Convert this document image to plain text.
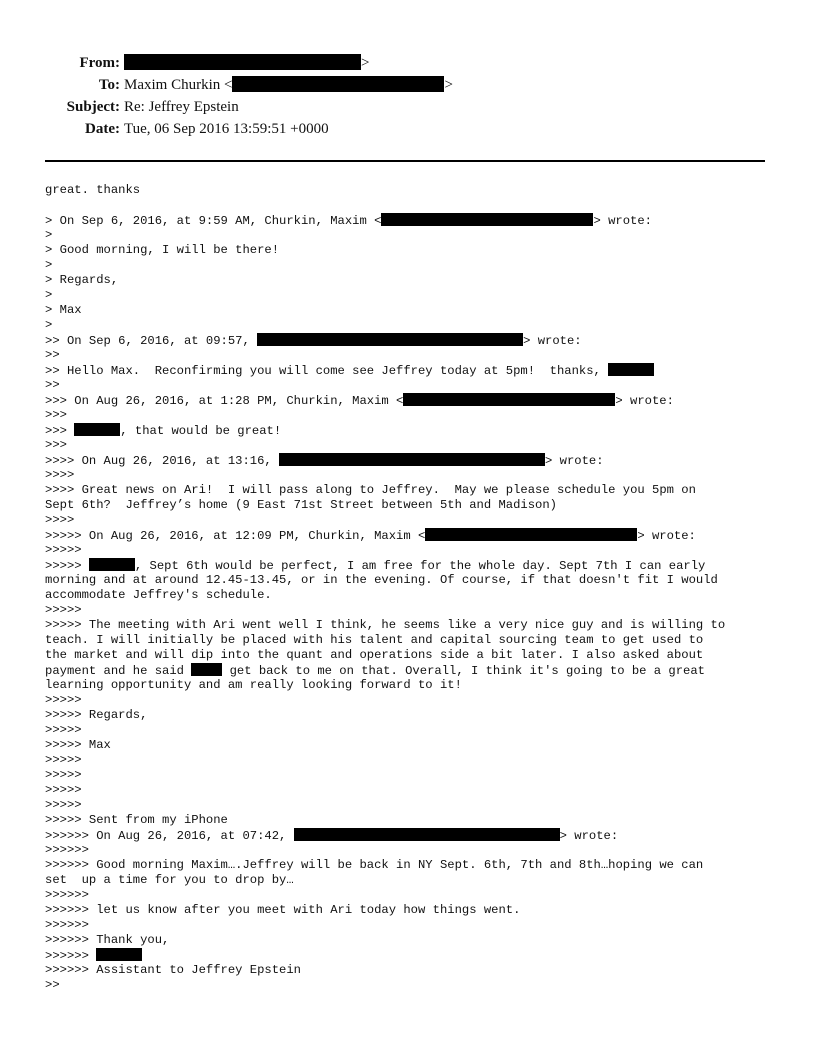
From:	>
To: Maxim Churkin <	>
Subject: Re: Jeffrey Epstein
Date: Tue, 06 Sep 2016 13:59:51 +0000
great. thanks
> On Sep 6, 2016, at 9:59 AM, Churkin, Maxim <	> wrote:
>
> Good morning, I will be there!
>
> Regards,
>
> Max
>
>> On Sep 6, 2016, at 09:57,	> wrote:
>>
>> Hello Max.  Reconfirming you will come see Jeffrey today at 5pm!  thanks,
>>
>>> On Aug 26, 2016, at 1:28 PM, Churkin, Maxim <	> wrote:
>>>
>>>	, that would be great!
>>>
>>>> On Aug 26, 2016, at 13:16,	> wrote:
>>>>
>>>> Great news on Ari!  I will pass along to Jeffrey.  May we please schedule you 5pm on
Sept 6th?  Jeffrey’s home (9 East 71st Street between 5th and Madison)
>>>>
>>>>> On Aug 26, 2016, at 12:09 PM, Churkin, Maxim <	> wrote:
>>>>>
>>>>>	, Sept 6th would be perfect, I am free for the whole day. Sept 7th I can early
morning and at around 12.45-13.45, or in the evening. Of course, if that doesn't fit I would
accommodate Jeffrey's schedule.
>>>>>
>>>>> The meeting with Ari went well I think, he seems like a very nice guy and is willing to
teach. I will initially be placed with his talent and capital sourcing team to get used to
the market and will dip into the quant and operations side a bit later. I also asked about
payment and he said	get back to me on that. Overall, I think it's going to be a great
learning opportunity and am really looking forward to it!
>>>>>
>>>>> Regards,
>>>>>
>>>>> Max
>>>>>
>>>>>
>>>>>
>>>>>
>>>>> Sent from my iPhone
>>>>>> On Aug 26, 2016, at 07:42,	> wrote:
>>>>>>
>>>>>> Good morning Maxim….Jeffrey will be back in NY Sept. 6th, 7th and 8th…hoping we can
set  up a time for you to drop by…
>>>>>>
>>>>>> let us know after you meet with Ari today how things went.
>>>>>>
>>>>>> Thank you,
>>>>>>
>>>>>> Assistant to Jeffrey Epstein
>>
